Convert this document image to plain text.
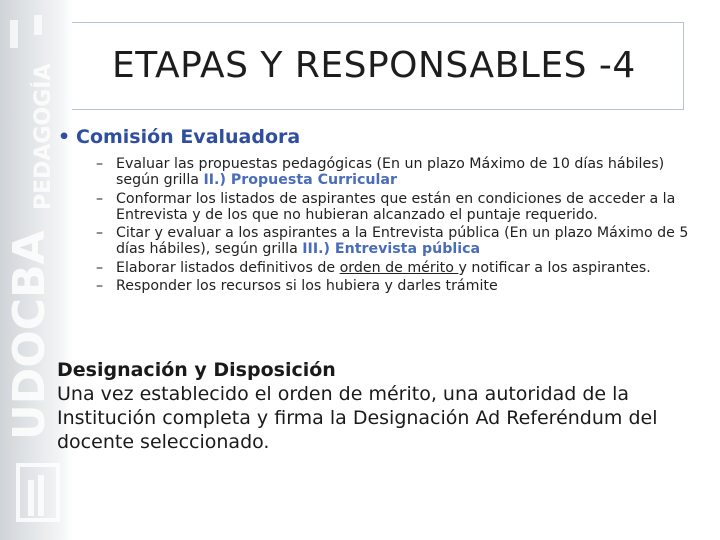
UDOCBA
PEDAGOGÍA ETAPAS Y RESPONSABLES -4
• Comisión Evaluadora
– Evaluar las propuestas pedagógicas (En un plazo Máximo de 10 días hábiles) según grilla II.) Propuesta Curricular
– Conformar los listados de aspirantes que están en condiciones de acceder a la Entrevista y de los que no hubieran alcanzado el puntaje requerido.
– Citar y evaluar a los aspirantes a la Entrevista pública (En un plazo Máximo de 5 días hábiles), según grilla III.) Entrevista pública
– Elaborar listados definitivos de orden de mérito y notificar a los aspirantes.
– Responder los recursos si los hubiera y darles trámite
Designación y Disposición
Una vez establecido el orden de mérito, una autoridad de la Institución completa y firma la Designación Ad Referéndum del docente seleccionado.
